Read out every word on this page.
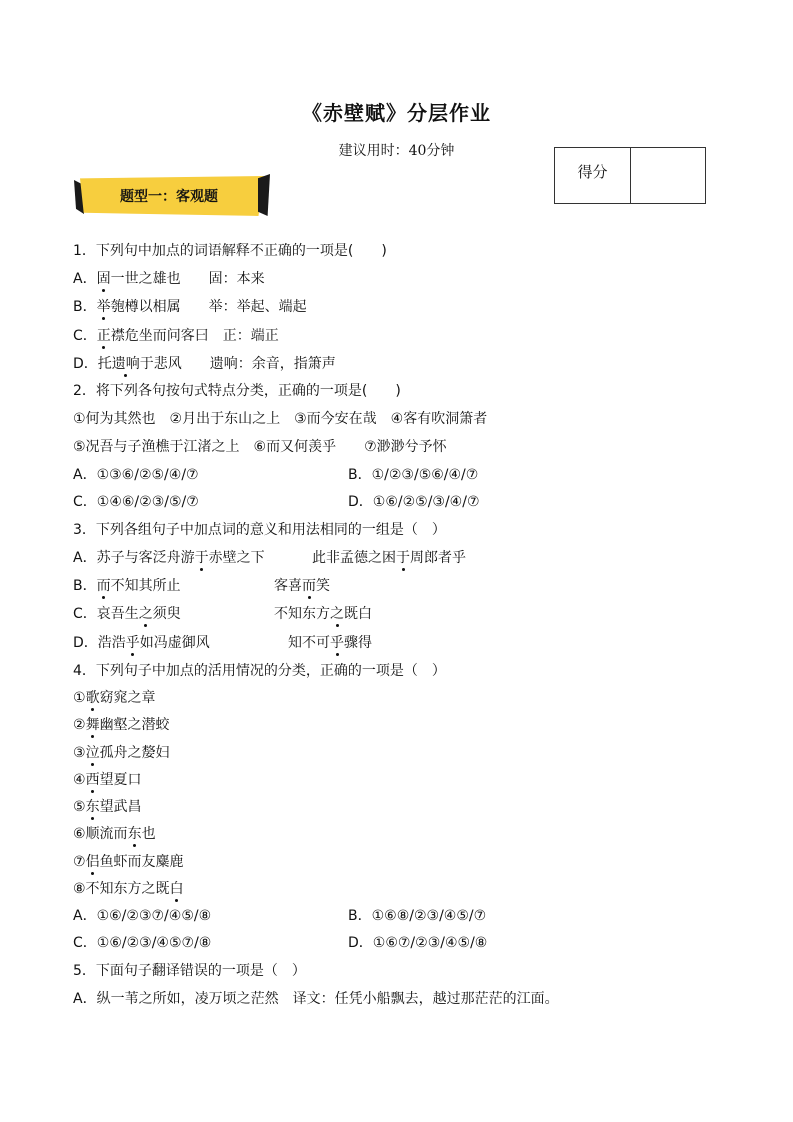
《赤壁赋》分层作业
建议用时：40分钟
得分
题型一：客观题
1．下列句中加点的词语解释不正确的一项是(　　)
A．固一世之雄也　　固：本来
B．举匏樽以相属　　举：举起、端起
C．正襟危坐而问客曰　正：端正
D．托遗响于悲风　　遗响：余音，指箫声
2．将下列各句按句式特点分类，正确的一项是(　　)
①何为其然也　②月出于东山之上　③而今安在哉　④客有吹洞箫者
⑤况吾与子渔樵于江渚之上　⑥而又何羡乎　　⑦渺渺兮予怀
A．①③⑥/②⑤/④/⑦	B．①/②③/⑤⑥/④/⑦
C．①④⑥/②③/⑤/⑦	D．①⑥/②⑤/③/④/⑦
3．下列各组句子中加点词的意义和用法相同的一组是（　）
A．苏子与客泛舟游于赤壁之下	此非孟德之困于周郎者乎
B．而不知其所止	客喜而笑
C．哀吾生之须臾	不知东方之既白
D．浩浩乎如冯虚御风	知不可乎骤得
4．下列句子中加点的活用情况的分类，正确的一项是（　）
①歌窈窕之章
②舞幽壑之潜蛟
③泣孤舟之嫠妇
④西望夏口
⑤东望武昌
⑥顺流而东也
⑦侣鱼虾而友麋鹿
⑧不知东方之既白
A．①⑥/②③⑦/④⑤/⑧	B．①⑥⑧/②③/④⑤/⑦
C．①⑥/②③/④⑤⑦/⑧	D．①⑥⑦/②③/④⑤/⑧
5．下面句子翻译错误的一项是（　）
A．纵一苇之所如，凌万顷之茫然　译文：任凭小船飘去，越过那茫茫的江面。
